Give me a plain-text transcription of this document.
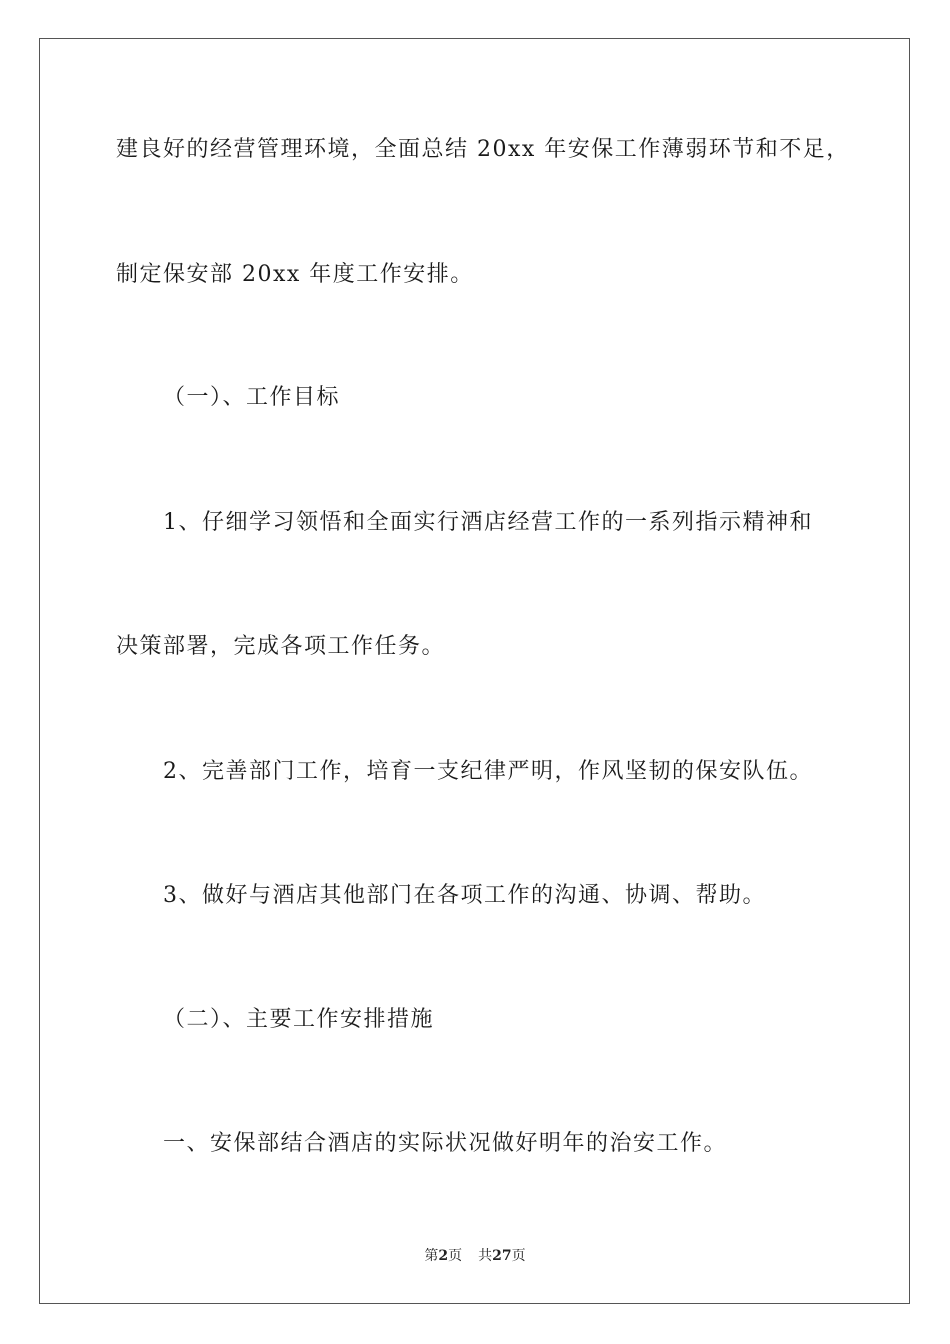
建良好的经营管理环境，全面总结 20xx 年安保工作薄弱环节和不足，
制定保安部 20xx 年度工作安排。
（一）、工作目标
1、仔细学习领悟和全面实行酒店经营工作的一系列指示精神和
决策部署，完成各项工作任务。
2、完善部门工作，培育一支纪律严明，作风坚韧的保安队伍。
3、做好与酒店其他部门在各项工作的沟通、协调、帮助。
（二）、主要工作安排措施
一、安保部结合酒店的实际状况做好明年的治安工作。
第2页 共27页
